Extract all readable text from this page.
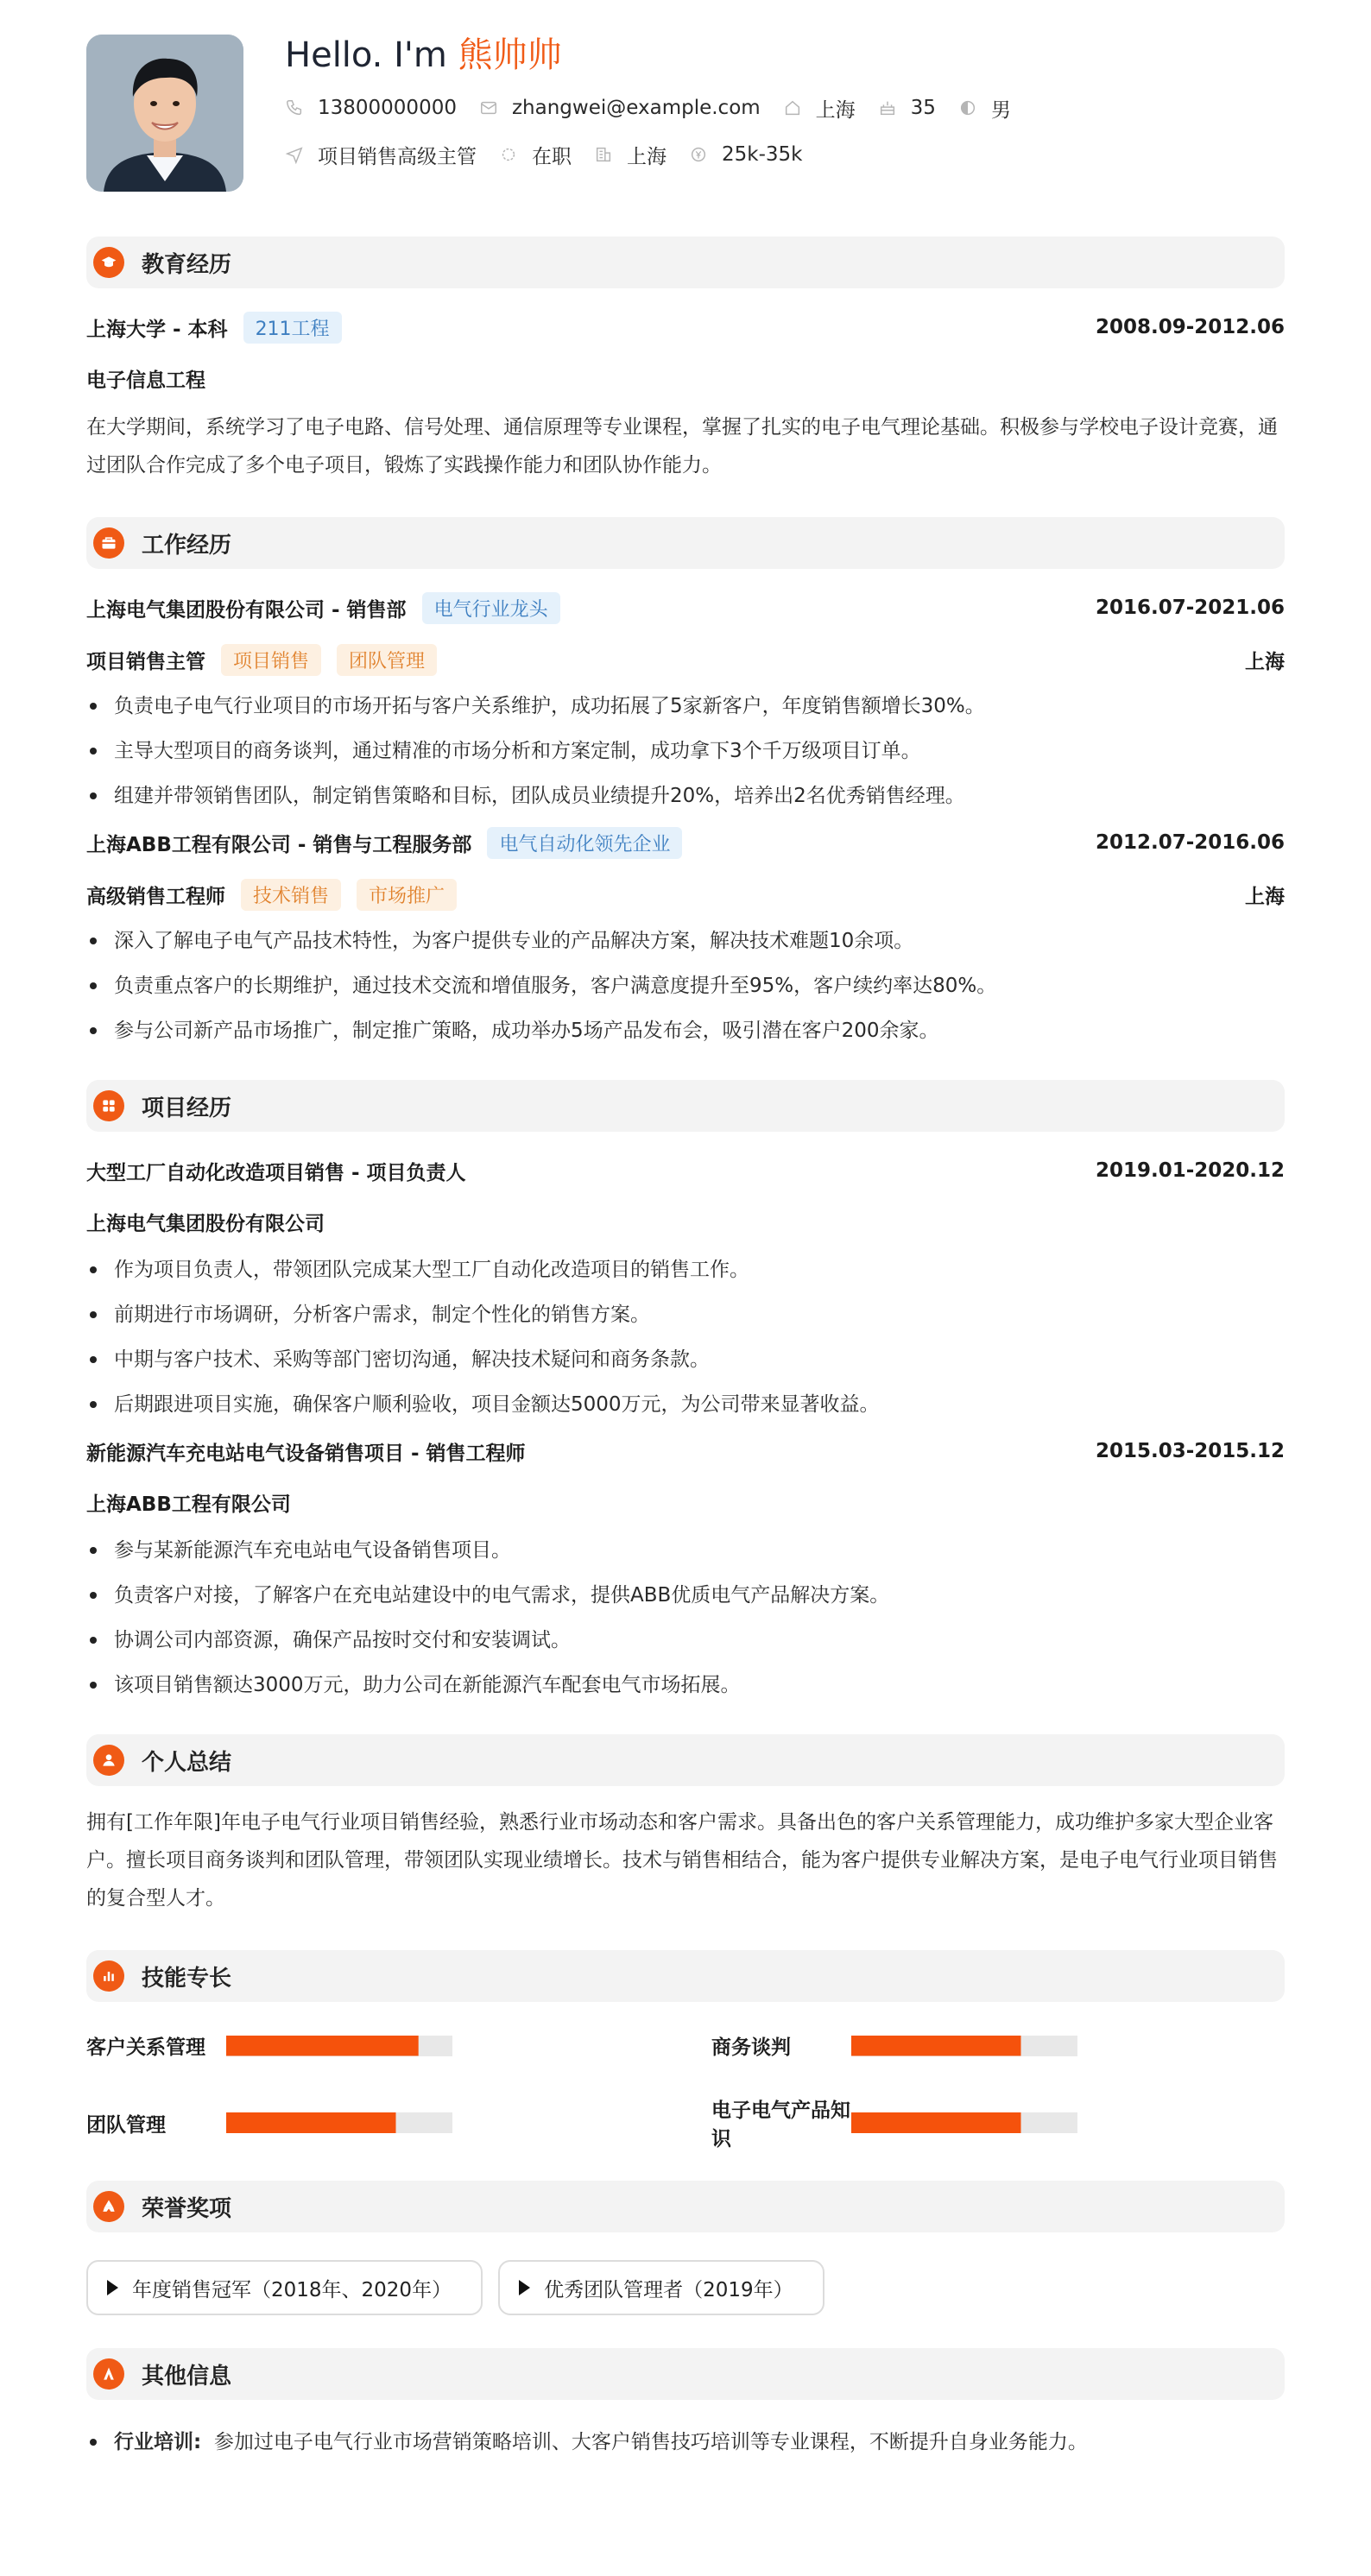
Hello. I'm 熊帅帅
13800000000	zhangwei@example.com	上海	35	男
项目销售高级主管	在职	上海	25k-35k
教育经历
上海大学 - 本科	211工程	2008.09-2012.06
电子信息工程
在大学期间，系统学习了电子电路、信号处理、通信原理等专业课程，掌握了扎实的电子电气理论基础。积极参与学校电子设计竞赛，通过团队合作完成了多个电子项目，锻炼了实践操作能力和团队协作能力。
工作经历
上海电气集团股份有限公司 - 销售部	电气行业龙头	2016.07-2021.06
项目销售主管	项目销售	团队管理	上海
负责电子电气行业项目的市场开拓与客户关系维护，成功拓展了5家新客户，年度销售额增长30%。
主导大型项目的商务谈判，通过精准的市场分析和方案定制，成功拿下3个千万级项目订单。
组建并带领销售团队，制定销售策略和目标，团队成员业绩提升20%，培养出2名优秀销售经理。
上海ABB工程有限公司 - 销售与工程服务部	电气自动化领先企业	2012.07-2016.06
高级销售工程师	技术销售	市场推广	上海
深入了解电子电气产品技术特性，为客户提供专业的产品解决方案，解决技术难题10余项。
负责重点客户的长期维护，通过技术交流和增值服务，客户满意度提升至95%，客户续约率达80%。
参与公司新产品市场推广，制定推广策略，成功举办5场产品发布会，吸引潜在客户200余家。
项目经历
大型工厂自动化改造项目销售 - 项目负责人	2019.01-2020.12
上海电气集团股份有限公司
作为项目负责人，带领团队完成某大型工厂自动化改造项目的销售工作。
前期进行市场调研，分析客户需求，制定个性化的销售方案。
中期与客户技术、采购等部门密切沟通，解决技术疑问和商务条款。
后期跟进项目实施，确保客户顺利验收，项目金额达5000万元，为公司带来显著收益。
新能源汽车充电站电气设备销售项目 - 销售工程师	2015.03-2015.12
上海ABB工程有限公司
参与某新能源汽车充电站电气设备销售项目。
负责客户对接，了解客户在充电站建设中的电气需求，提供ABB优质电气产品解决方案。
协调公司内部资源，确保产品按时交付和安装调试。
该项目销售额达3000万元，助力公司在新能源汽车配套电气市场拓展。
个人总结
拥有[工作年限]年电子电气行业项目销售经验，熟悉行业市场动态和客户需求。具备出色的客户关系管理能力，成功维护多家大型企业客户。擅长项目商务谈判和团队管理，带领团队实现业绩增长。技术与销售相结合，能为客户提供专业解决方案，是电子电气行业项目销售的复合型人才。
技能专长
客户关系管理	商务谈判
团队管理
电子电气产品知识
荣誉奖项
年度销售冠军（2018年、2020年）	优秀团队管理者（2019年）
其他信息
行业培训: 参加过电子电气行业市场营销策略培训、大客户销售技巧培训等专业课程，不断提升自身业务能力。
